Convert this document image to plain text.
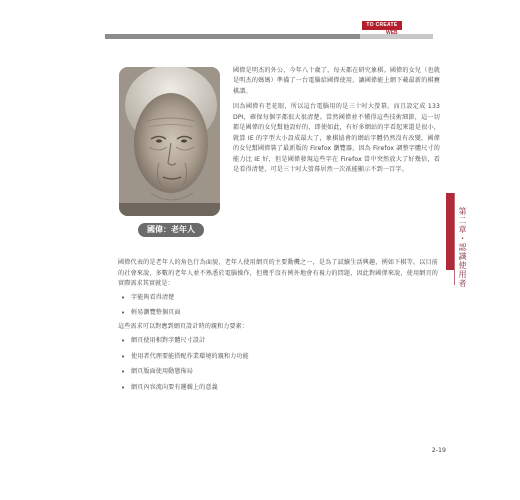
TO CREATE
WEB
PERSONA	ACCESSIBILITY
國偉：老年人

國偉是明杰的外公，今年八十歲了，每天都在研究象棋。國偉的女兒（也就是明杰的媽媽）準備了一台電腦給國偉使用，讓國偉能上網下載最新的棋賽棋譜。

因為國偉有老花眼，所以這台電腦用的是三十吋大螢幕，而且設定成 133 DPI，確保每個字都很大很清楚。當然國偉並不懂得這些技術細節，這一切都是國偉的女兒幫他設好的，即使如此，有好多網站的字看起來還是很小，就算 IE 的字型大小設成最大了，象棋協會的網站字體仍然沒有改變，國偉的女兒幫國偉裝了最新版的 Firefox 瀏覽器，因為 Firefox 調整字體尺寸的能力比 IE 好，但是國偉發現這些字在 Firefox 當中突然放大了好幾倍，看是看得清楚，可是三十吋大螢幕居然一次祇能顯示不到一百字。

第二章・認識使用者

國偉代表的是老年人的角色行為面貌，老年人使用網頁的主要動機之一，是為了試續生活興趣，例如下棋等。以目前的社會來說，多數的老年人並不熟悉於電腦操作，但幾乎沒有例外地會有視力的問題，因此對國偉來說，使用網頁的實際需求其實就是：

• 字能夠看得清楚
• 輕易瀏覽整個頁面

這些需求可以對應到網頁設計時的親和力要素：

• 網頁使用相對字體尺寸設計
• 使用者代理要能搭配作業環境的親和力功能
• 網頁版面使用動態佈局
• 網頁內容流向要有邏輯上的意義
2-19
